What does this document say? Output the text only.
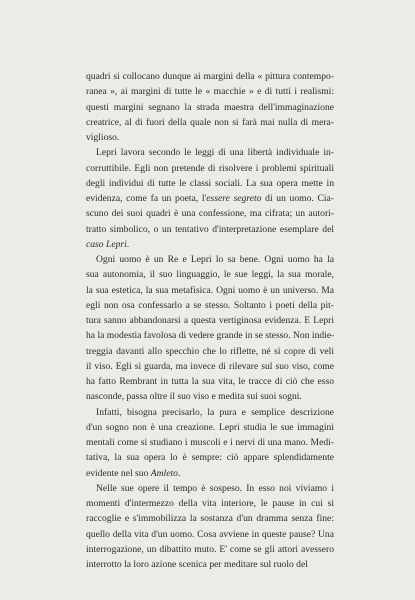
quadri si collocano dunque ai margini della « pittura contempo-
ranea », ai margini di tutte le « macchie » e di tutti i realismi:
questi margini segnano la strada maestra dell'immaginazione
creatrice, al di fuori della quale non si farà mai nulla di mera-
viglioso.
Lepri lavora secondo le leggi di una libertà individuale in-
corruttibile. Egli non pretende di risolvere i problemi spirituali
degli individui di tutte le classi sociali. La sua opera mette in
evidenza, come fa un poeta, l'essere segreto di un uomo. Cia-
scuno dei suoi quadri è una confessione, ma cifrata; un autori-
tratto simbolico, o un tentativo d'interpretazione esemplare del
caso Lepri.
Ogni uomo è un Re e Lepri lo sa bene. Ogni uomo ha la
sua autonomia, il suo linguaggio, le sue leggi, la sua morale,
la sua estetica, la sua metafisica. Ogni uomo è un universo. Ma
egli non osa confessarlo a se stesso. Soltanto i poeti della pit-
tura sanno abbandonarsi a questa vertiginosa evidenza. E Lepri
ha la modestia favolosa di vedere grande in se stesso. Non indie-
treggia davanti allo specchio che lo riflette, né si copre di veli
il viso. Egli si guarda, ma invece di rilevare sul suo viso, come
ha fatto Rembrant in tutta la sua vita, le tracce di ciò che esso
nasconde, passa oltre il suo viso e medita sui suoi sogni.
Infatti, bisogna precisarlo, la pura e semplice descrizione
d'un sogno non è una creazione. Lepri studia le sue immagini
mentali come si studiano i muscoli e i nervi di una mano. Medi-
tativa, la sua opera lo è sempre: ciò appare splendidamente
evidente nel suo Amleto.
Nelle sue opere il tempo è sospeso. In esso noi viviamo i
momenti d'intermezzo della vita interiore, le pause in cui si
raccoglie e s'immobilizza la sostanza d'un dramma senza fine:
quello della vita d'un uomo. Cosa avviene in queste pause? Una
interrogazione, un dibattito muto. E' come se gli attori avessero
interrotto la loro azione scenica per meditare sul ruolo del
